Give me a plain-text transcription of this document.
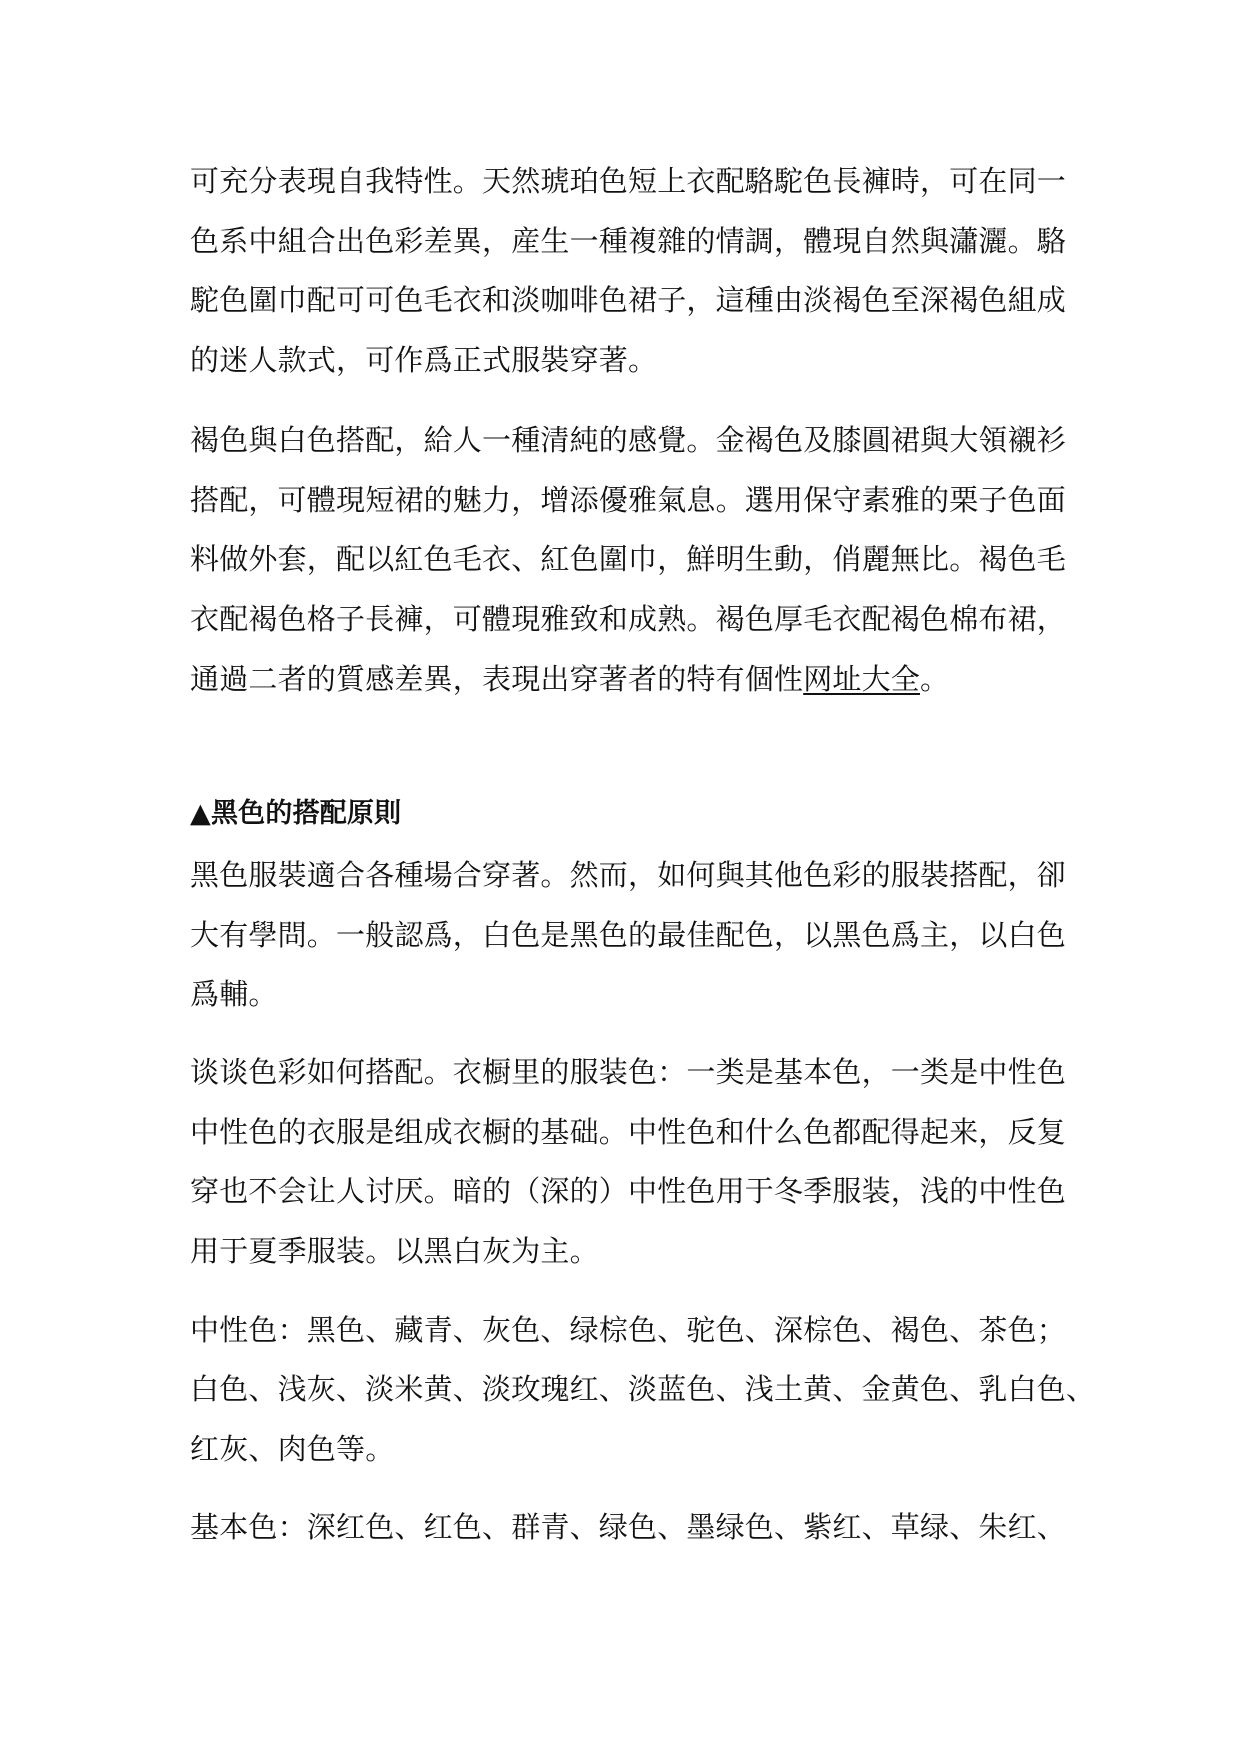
可充分表現自我特性。天然琥珀色短上衣配駱駝色長褲時，可在同一
色系中組合出色彩差異，産生一種複雜的情調，體現自然與瀟灑。駱
駝色圍巾配可可色毛衣和淡咖啡色裙子，這種由淡褐色至深褐色組成
的迷人款式，可作爲正式服裝穿著。
褐色與白色搭配，給人一種清純的感覺。金褐色及膝圓裙與大領襯衫
搭配，可體現短裙的魅力，增添優雅氣息。選用保守素雅的栗子色面
料做外套，配以紅色毛衣、紅色圍巾，鮮明生動，俏麗無比。褐色毛
衣配褐色格子長褲，可體現雅致和成熟。褐色厚毛衣配褐色棉布裙，
通過二者的質感差異，表現出穿著者的特有個性网址大全。
▲黑色的搭配原則
黑色服裝適合各種場合穿著。然而，如何與其他色彩的服裝搭配，卻
大有學問。一般認爲，白色是黑色的最佳配色，以黑色爲主，以白色
爲輔。
谈谈色彩如何搭配。衣橱里的服装色：一类是基本色，一类是中性色
中性色的衣服是组成衣橱的基础。中性色和什么色都配得起来，反复
穿也不会让人讨厌。暗的（深的）中性色用于冬季服装，浅的中性色
用于夏季服装。以黑白灰为主。
中性色：黑色、藏青、灰色、绿棕色、驼色、深棕色、褐色、茶色；
白色、浅灰、淡米黄、淡玫瑰红、淡蓝色、浅土黄、金黄色、乳白色、
红灰、肉色等。
基本色：深红色、红色、群青、绿色、墨绿色、紫红、草绿、朱红、
